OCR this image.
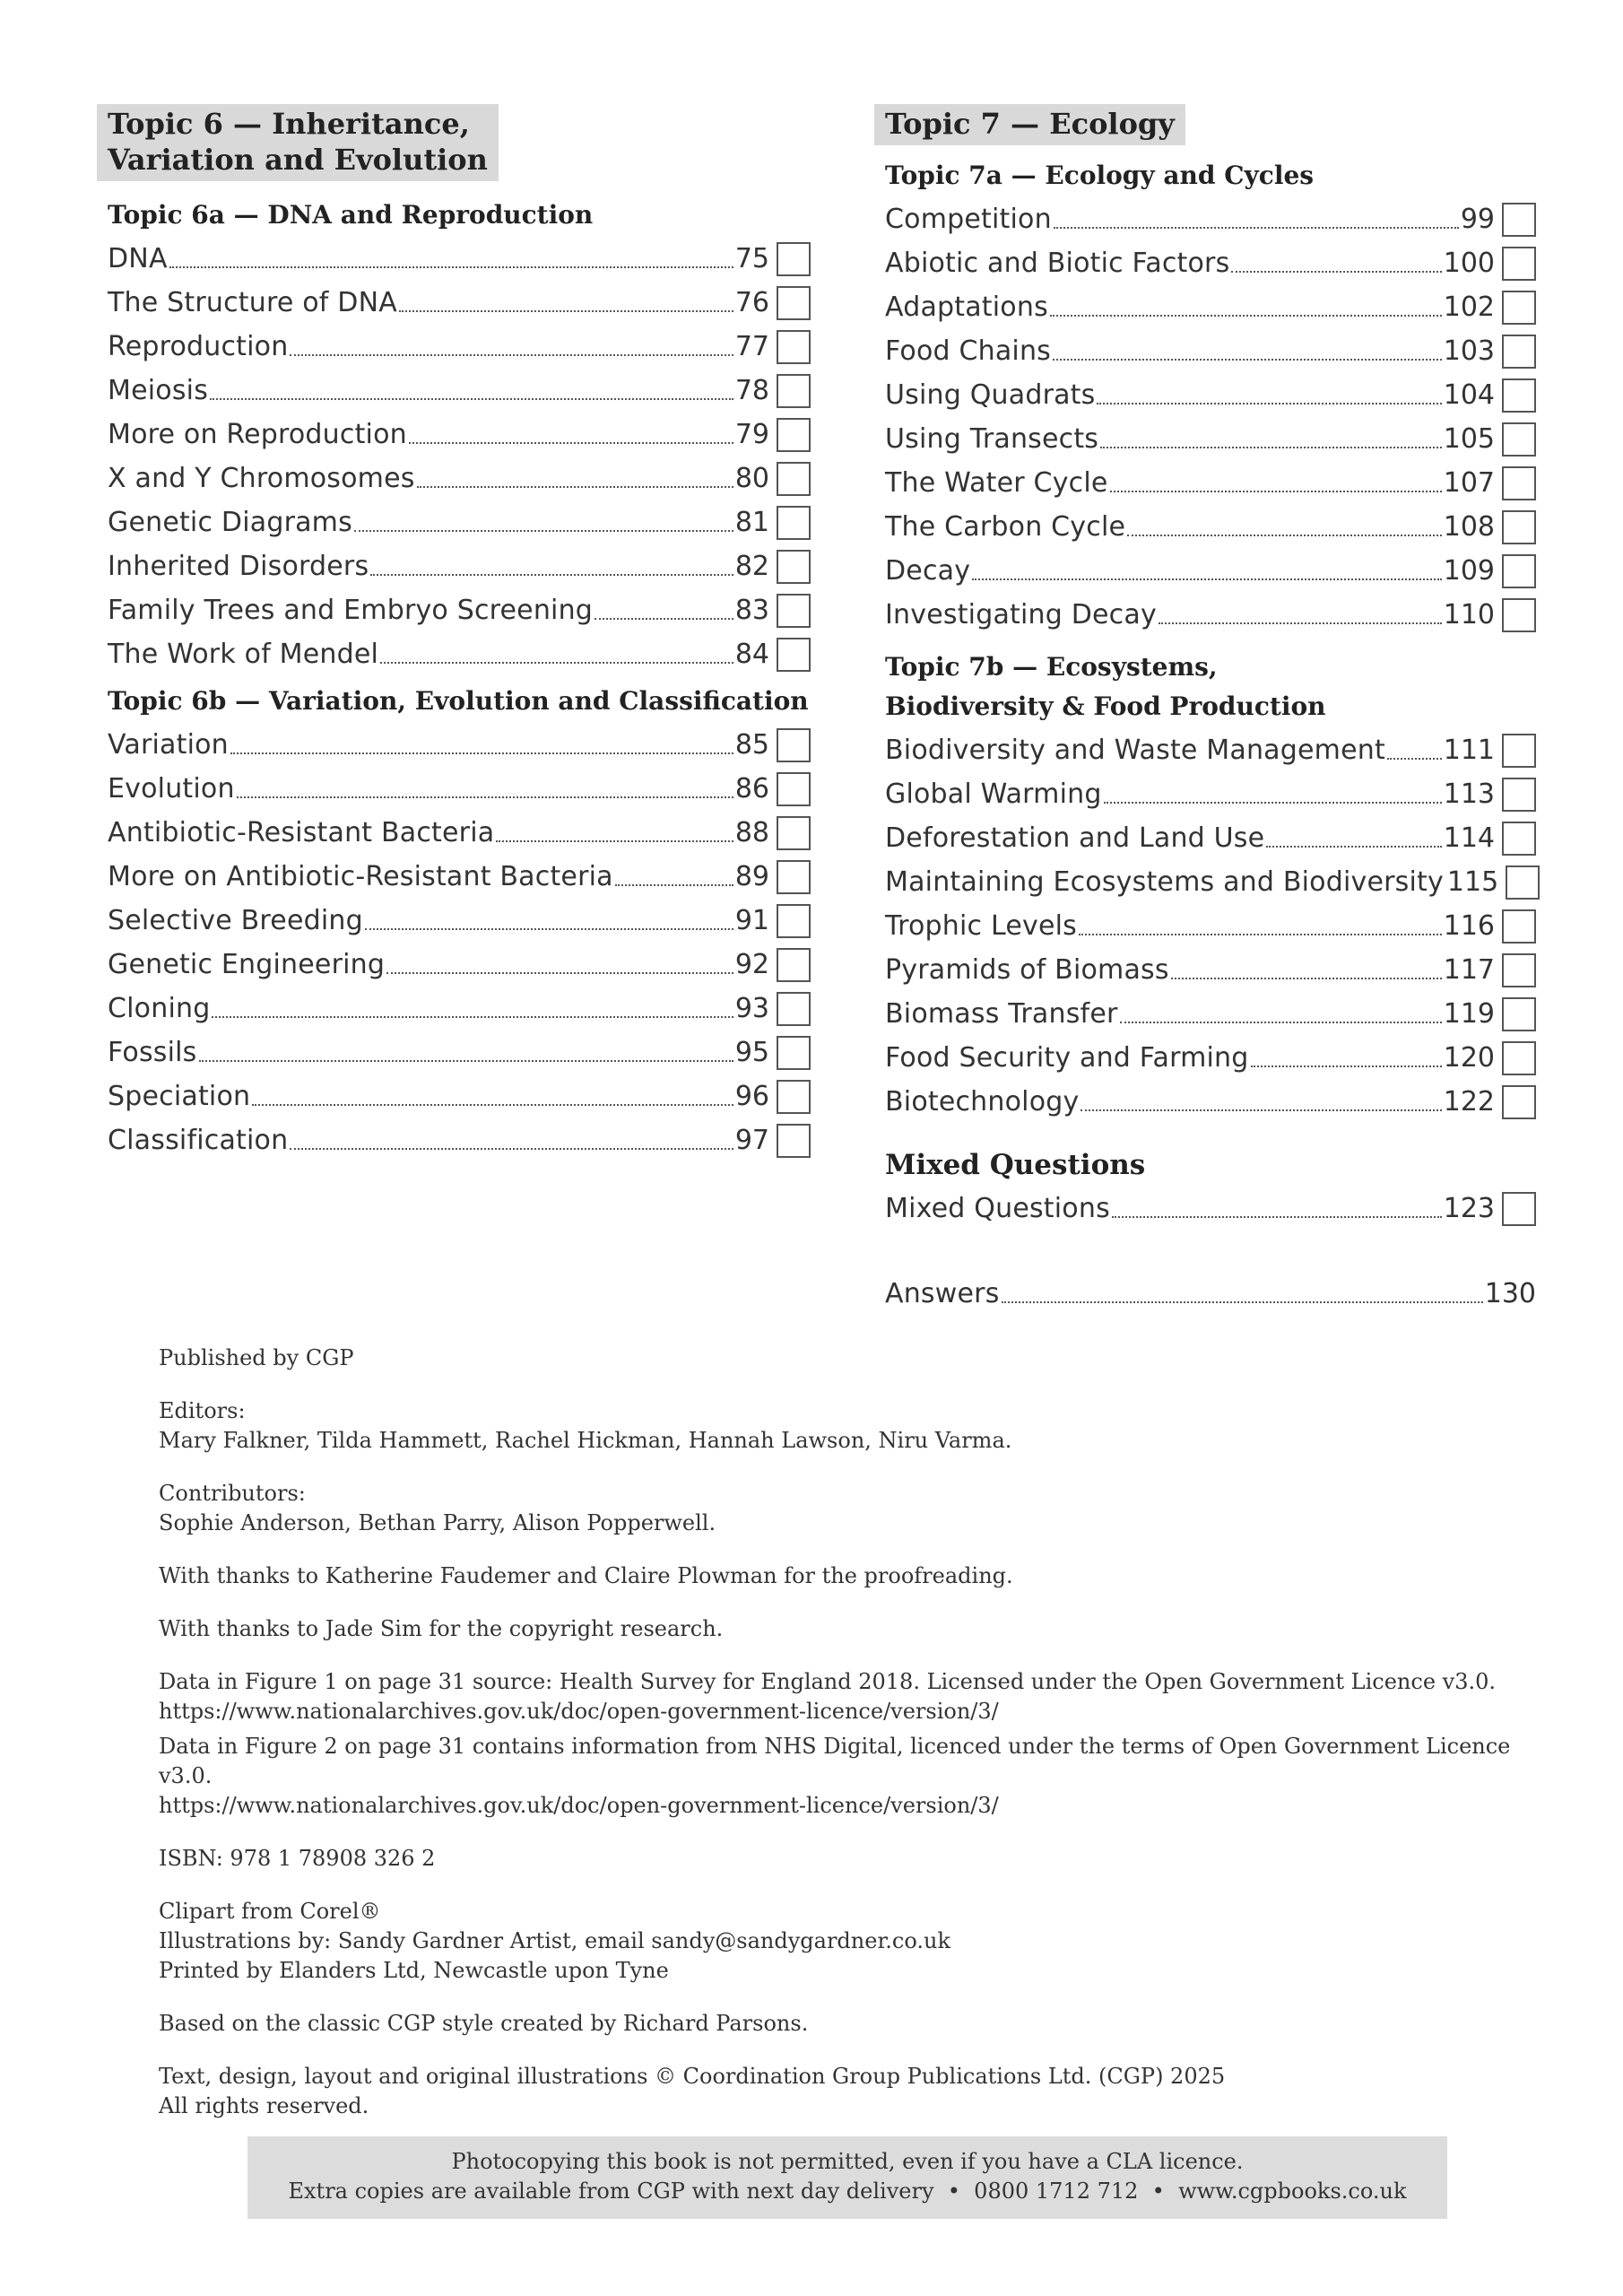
Topic 6 — Inheritance,
Variation and Evolution
Topic 6a — DNA and Reproduction
DNA	75
The Structure of DNA	76
Reproduction	77
Meiosis	78
More on Reproduction	79
X and Y Chromosomes	80
Genetic Diagrams	81
Inherited Disorders	82
Family Trees and Embryo Screening	83
The Work of Mendel	84
Topic 6b — Variation, Evolution and Classification
Variation	85
Evolution	86
Antibiotic-Resistant Bacteria	88
More on Antibiotic-Resistant Bacteria	89
Selective Breeding	91
Genetic Engineering	92
Cloning	93
Fossils	95
Speciation	96
Classification	97
Topic 7 — Ecology
Topic 7a — Ecology and Cycles
Competition	99
Abiotic and Biotic Factors	100
Adaptations	102
Food Chains	103
Using Quadrats	104
Using Transects	105
The Water Cycle	107
The Carbon Cycle	108
Decay	109
Investigating Decay	110
Topic 7b — Ecosystems,
Biodiversity & Food Production
Biodiversity and Waste Management 111
Global Warming	113
Deforestation and Land Use	114
Maintaining Ecosystems and Biodiversity 115
Trophic Levels	116
Pyramids of Biomass	117
Biomass Transfer	119
Food Security and Farming	120
Biotechnology	122
Mixed Questions
Mixed Questions	123
Answers	130

Published by CGP

Editors:
Mary Falkner, Tilda Hammett, Rachel Hickman, Hannah Lawson, Niru Varma.

Contributors:
Sophie Anderson, Bethan Parry, Alison Popperwell.

With thanks to Katherine Faudemer and Claire Plowman for the proofreading.

With thanks to Jade Sim for the copyright research.

Data in Figure 1 on page 31 source: Health Survey for England 2018. Licensed under the Open Government Licence v3.0.
https://www.nationalarchives.gov.uk/doc/open-government-licence/version/3/

Data in Figure 2 on page 31 contains information from NHS Digital, licenced under the terms of Open Government Licence v3.0.
https://www.nationalarchives.gov.uk/doc/open-government-licence/version/3/

ISBN: 978 1 78908 326 2

Clipart from Corel®
Illustrations by: Sandy Gardner Artist, email sandy@sandygardner.co.uk
Printed by Elanders Ltd, Newcastle upon Tyne

Based on the classic CGP style created by Richard Parsons.

Text, design, layout and original illustrations © Coordination Group Publications Ltd. (CGP) 2025
All rights reserved.

Photocopying this book is not permitted, even if you have a CLA licence.
Extra copies are available from CGP with next day delivery  •  0800 1712 712  •  www.cgpbooks.co.uk
